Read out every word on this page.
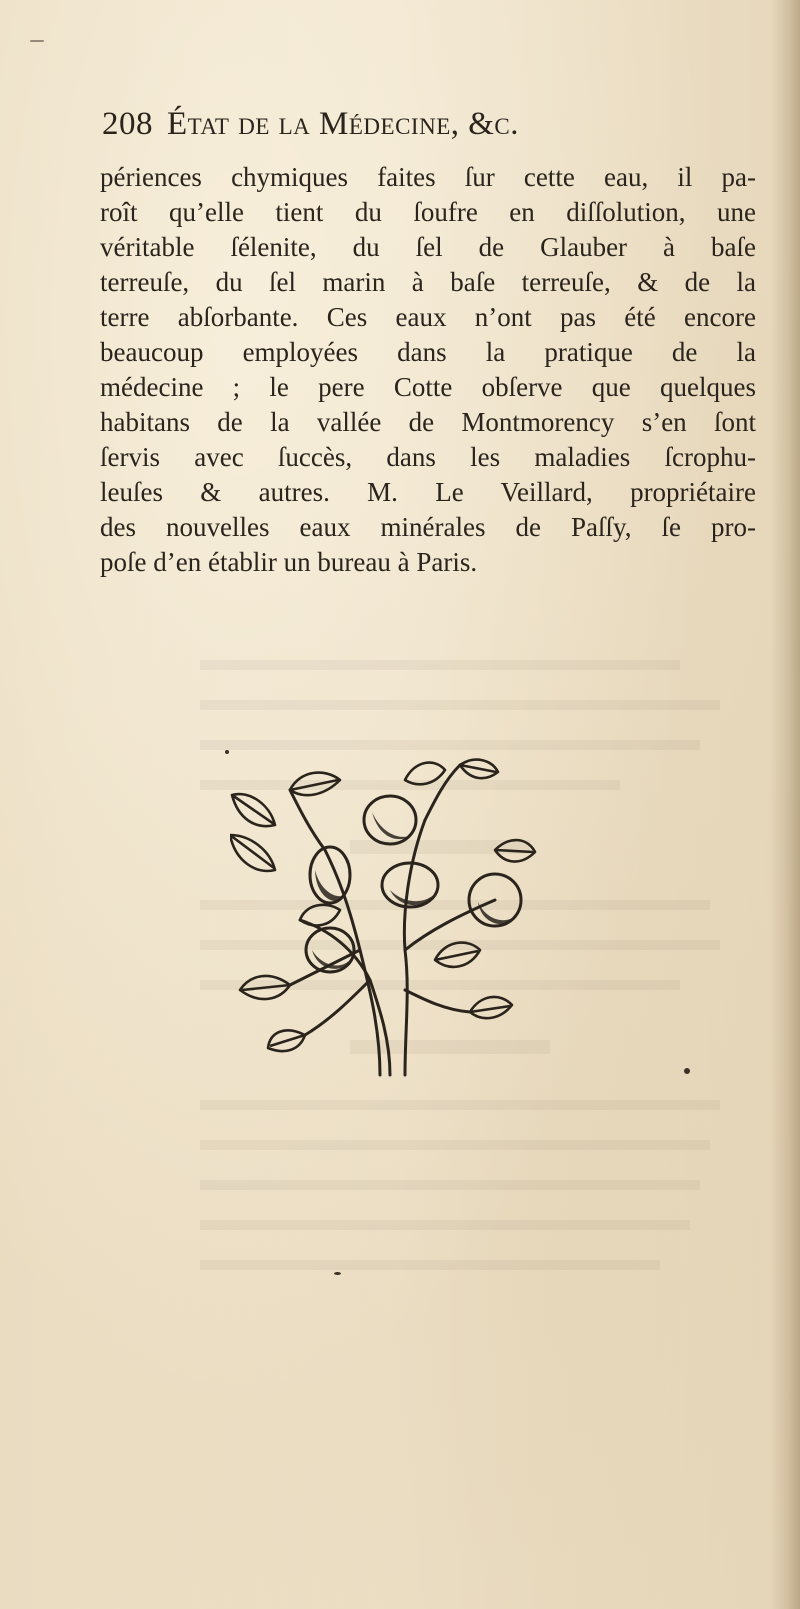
208 État de la Médecine, &c.
périences chymiques faites ſur cette eau, il pa-
roît qu’elle tient du ſoufre en diſſolution, une
véritable ſélenite, du ſel de Glauber à baſe
terreuſe, du ſel marin à baſe terreuſe, & de la
terre abſorbante. Ces eaux n’ont pas été encore
beaucoup employées dans la pratique de la
médecine ; le pere Cotte obſerve que quelques
habitans de la vallée de Montmorency s’en ſont
ſervis avec ſuccès, dans les maladies ſcrophu-
leuſes & autres. M. Le Veillard, propriétaire
des nouvelles eaux minérales de Paſſy, ſe pro-
poſe d’en établir un bureau à Paris.
